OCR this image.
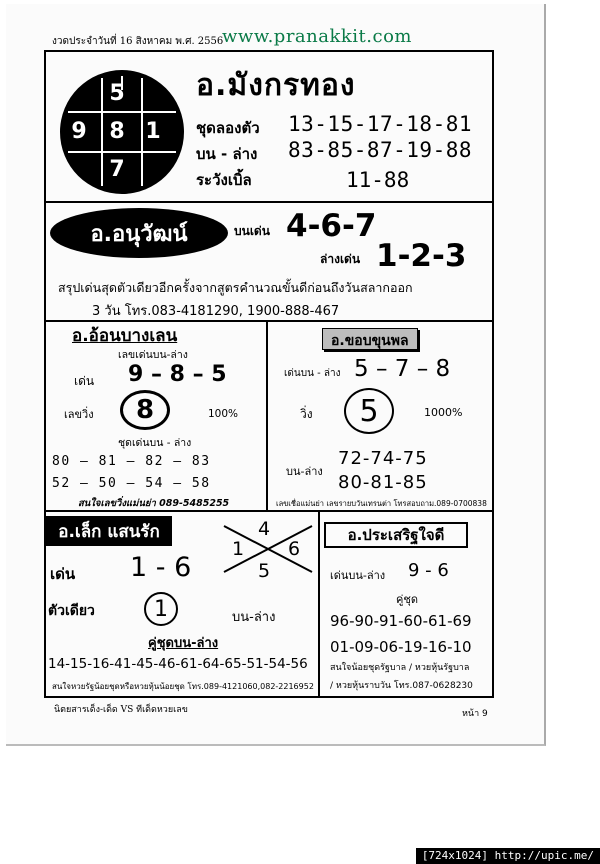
งวดประจำวันที่ 16 สิงหาคม พ.ศ. 2556
www.pranakkit.com
5
9	8 1
7
อ.มังกรทอง
ชุดลองตัว 13-15-17-18-81
บน - ล่าง 83-85-87-19-88
ระวังเบิ้ล	11-88
อ.อนุวัฒน์	บนเด่น 4-6-7
ล่างเด่น 1-2-3
สรุปเด่นสุดตัวเดียวอีกครั้งจากสูตรคำนวณขั้นดีก่อนถึงวันสลากออก
3 วัน โทร.083-4181290, 1900-888-467
อ.อ้อนบางเลน
เลขเด่นบน-ล่าง
เด่น 9 – 8 – 5
เลขวิ่ง	8	100%
ชุดเด่นบน - ล่าง
80 – 81 – 82 – 83
52 – 50 – 54 – 58
สนใจเลขวิ่งแม่นย่า 089-5485255
อ.ขอบขุนพล
เด่นบน - ล่าง 5 – 7 – 8
วิ่ง	5	1000%
บน-ล่าง
72-74-75
80-81-85
เลขเชื่อแม่นย่า เลขรายบวันเทรนต่า โทรสอบถาม.089-0700838
อ.เล็ก แสนรัก	4
1 6
5
เด่น 1 - 6
ตัวเดียว	1	บน-ล่าง
คู่ชุดบน-ล่าง
14-15-16-41-45-46-61-64-65-51-54-56
สนใจหวยรัฐน้อยชุดหรือหวยหุ้นน้อยชุด โทร.089-4121060,082-2216952
อ.ประเสริฐใจดี
เด่นบน-ล่าง 9 - 6
คู่ชุด
96-90-91-60-61-69
01-09-06-19-16-10
สนใจน้อยชุดรัฐบาล / หวยหุ้นรัฐบาล
/ หวยหุ้นราบวัน โทร.087-0628230
นิตยสารเด็ง-เด็ด VS ทีเด็ดหวยเลข	หน้า 9
[724x1024] http://upic.me/
